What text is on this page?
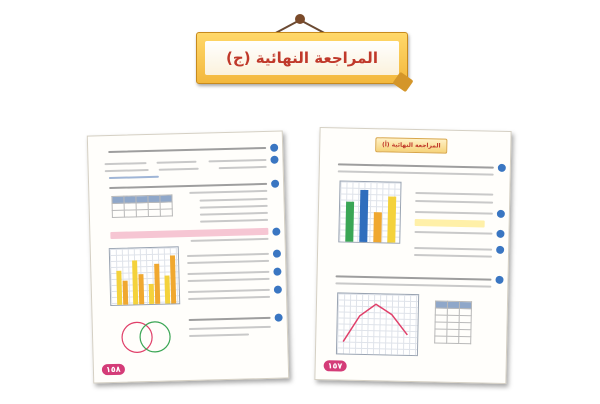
المراجعة النهائية (ج)

١٥٨
المراجعة النهائية (أ)

١٥٧
